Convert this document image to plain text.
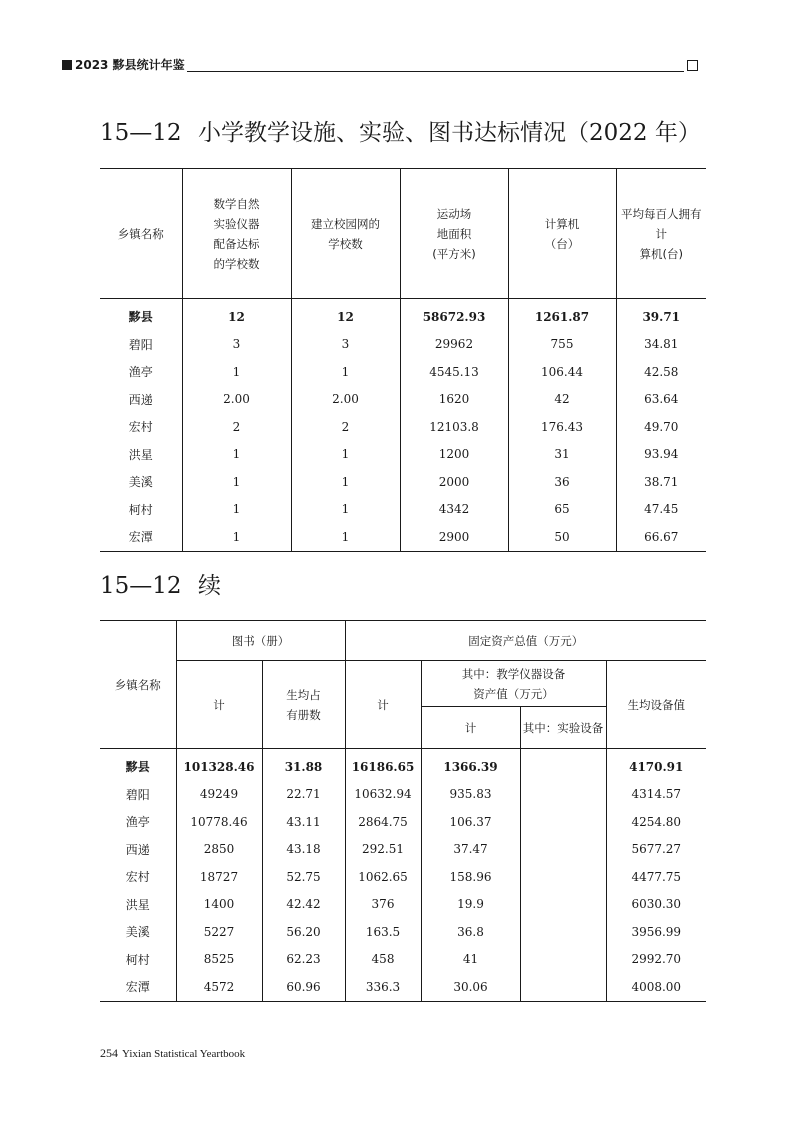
2023 黟县统计年鉴
15—12 小学教学设施、实验、图书达标情况（2022 年）
乡镇名称	数学自然
实验仪器
配备达标
的学校数	建立校园网的
学校数	运动场
地面积
(平方米)	计算机
（台）	平均每百人拥有计
算机(台)
黟县	12	12	58672.93	1261.87	39.71
碧阳	3	3	29962	755	34.81
渔亭	1	1	4545.13	106.44	42.58
西递	2.00	2.00	1620	42	63.64
宏村	2	2	12103.8	176.43	49.70
洪星	1	1	1200	31	93.94
美溪	1	1	2000	36	38.71
柯村	1	1	4342	65	47.45
宏潭	1	1	2900	50	66.67
15—12 续
乡镇名称	图书（册）		固定资产总值（万元）			
	计	生均占
有册数	计	其中：教学仪器设备
资产值（万元）		生均设备值
				计	其中：实验设备	
黟县	101328.46	31.88	16186.65	1366.39		4170.91
碧阳	49249	22.71	10632.94	935.83		4314.57
渔亭	10778.46	43.11	2864.75	106.37		4254.80
西递	2850	43.18	292.51	37.47		5677.27
宏村	18727	52.75	1062.65	158.96		4477.75
洪星	1400	42.42	376	19.9		6030.30
美溪	5227	56.20	163.5	36.8		3956.99
柯村	8525	62.23	458	41		2992.70
宏潭	4572	60.96	336.3	30.06		4008.00
254 Yixian Statistical Yeartbook
